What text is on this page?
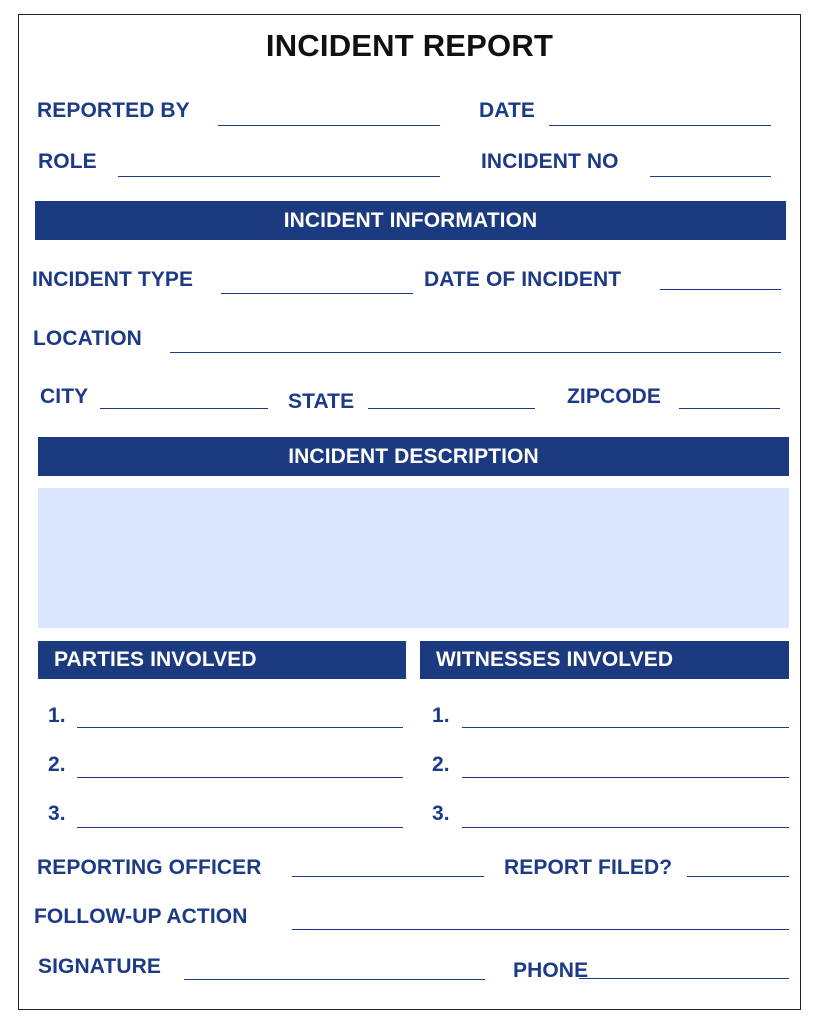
INCIDENT REPORT
REPORTED BY	DATE
ROLE	INCIDENT NO
INCIDENT INFORMATION
INCIDENT TYPE	DATE OF INCIDENT
LOCATION
CITY	STATE	ZIPCODE
INCIDENT DESCRIPTION
PARTIES INVOLVED	WITNESSES INVOLVED
1.
2.
3.
1.
2.
3.
REPORTING OFFICER	REPORT FILED?
FOLLOW-UP ACTION
SIGNATURE	PHONE
